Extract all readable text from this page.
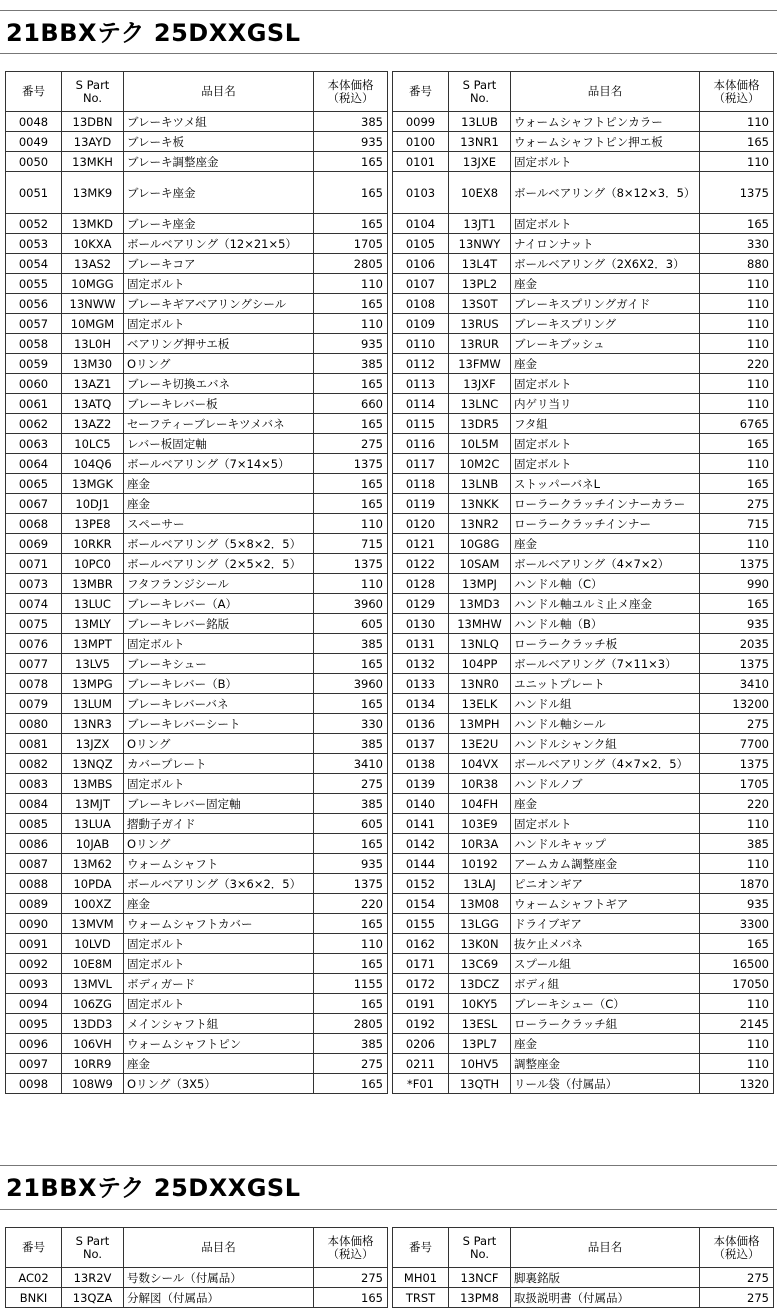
21BBXテク 25DXXGSL
番号	S Part
No.	品目名	本体価格
（税込）
0048	13DBN	ブレーキツメ組	385
0049	13AYD	ブレーキ板	935
0050	13MKH	ブレーキ調整座金	165
0051	13MK9	ブレーキ座金	165
0052	13MKD	ブレーキ座金	165
0053	10KXA	ボールベアリング（12×21×5）	1705
0054	13AS2	ブレーキコア	2805
0055	10MGG	固定ボルト	110
0056	13NWW	ブレーキギアベアリングシール	165
0057	10MGM	固定ボルト	110
0058	13L0H	ベアリング押サエ板	935
0059	13M30	Oリング	385
0060	13AZ1	ブレーキ切換エバネ	165
0061	13ATQ	ブレーキレバー板	660
0062	13AZ2	セーフティーブレーキツメバネ	165
0063	10LC5	レバー板固定軸	275
0064	104Q6	ボールベアリング（7×14×5）	1375
0065	13MGK	座金	165
0067	10DJ1	座金	165
0068	13PE8	スペーサー	110
0069	10RKR	ボールベアリング（5×8×2．5）	715
0071	10PC0	ボールベアリング（2×5×2．5）	1375
0073	13MBR	フタフランジシール	110
0074	13LUC	ブレーキレバー（A）	3960
0075	13MLY	ブレーキレバー銘版	605
0076	13MPT	固定ボルト	385
0077	13LV5	ブレーキシュー	165
0078	13MPG	ブレーキレバー（B）	3960
0079	13LUM	ブレーキレバーバネ	165
0080	13NR3	ブレーキレバーシート	330
0081	13JZX	Oリング	385
0082	13NQZ	カバープレート	3410
0083	13MBS	固定ボルト	275
0084	13MJT	ブレーキレバー固定軸	385
0085	13LUA	摺動子ガイド	605
0086	10JAB	Oリング	165
0087	13M62	ウォームシャフト	935
0088	10PDA	ボールベアリング（3×6×2．5）	1375
0089	100XZ	座金	220
0090	13MVM	ウォームシャフトカバー	165
0091	10LVD	固定ボルト	110
0092	10E8M	固定ボルト	165
0093	13MVL	ボディガード	1155
0094	106ZG	固定ボルト	165
0095	13DD3	メインシャフト組	2805
0096	106VH	ウォームシャフトピン	385
0097	10RR9	座金	275
0098	108W9	Oリング（3X5）	165
番号	S Part
No.	品目名	本体価格
（税込）
0099	13LUB	ウォームシャフトピンカラー	110
0100	13NR1	ウォームシャフトピン押エ板	165
0101	13JXE	固定ボルト	110
0103	10EX8	ボールベアリング（8×12×3．5）	1375
0104	13JT1	固定ボルト	165
0105	13NWY	ナイロンナット	330
0106	13L4T	ボールベアリング（2X6X2．3）	880
0107	13PL2	座金	110
0108	13S0T	ブレーキスプリングガイド	110
0109	13RUS	ブレーキスプリング	110
0110	13RUR	ブレーキブッシュ	110
0112	13FMW	座金	220
0113	13JXF	固定ボルト	110
0114	13LNC	内ゲリ当リ	110
0115	13DR5	フタ組	6765
0116	10L5M	固定ボルト	165
0117	10M2C	固定ボルト	110
0118	13LNB	ストッパーバネL	165
0119	13NKK	ローラークラッチインナーカラー	275
0120	13NR2	ローラークラッチインナー	715
0121	10G8G	座金	110
0122	10SAM	ボールベアリング（4×7×2）	1375
0128	13MPJ	ハンドル軸（C）	990
0129	13MD3	ハンドル軸ユルミ止メ座金	165
0130	13MHW	ハンドル軸（B）	935
0131	13NLQ	ローラークラッチ板	2035
0132	104PP	ボールベアリング（7×11×3）	1375
0133	13NR0	ユニットプレート	3410
0134	13ELK	ハンドル組	13200
0136	13MPH	ハンドル軸シール	275
0137	13E2U	ハンドルシャンク組	7700
0138	104VX	ボールベアリング（4×7×2．5）	1375
0139	10R38	ハンドルノブ	1705
0140	104FH	座金	220
0141	103E9	固定ボルト	110
0142	10R3A	ハンドルキャップ	385
0144	10192	アームカム調整座金	110
0152	13LAJ	ピニオンギア	1870
0154	13M08	ウォームシャフトギア	935
0155	13LGG	ドライブギア	3300
0162	13K0N	抜ケ止メバネ	165
0171	13C69	スプール組	16500
0172	13DCZ	ボディ組	17050
0191	10KY5	ブレーキシュー（C）	110
0192	13ESL	ローラークラッチ組	2145
0206	13PL7	座金	110
0211	10HV5	調整座金	110
*F01	13QTH	リール袋（付属品）	1320
21BBXテク 25DXXGSL
番号	S Part
No.	品目名	本体価格
（税込）
AC02	13R2V	号数シール（付属品）	275
BNKI	13QZA	分解図（付属品）	165
番号	S Part
No.	品目名	本体価格
（税込）
MH01	13NCF	脚裏銘版	275
TRST	13PM8	取扱説明書（付属品）	275
